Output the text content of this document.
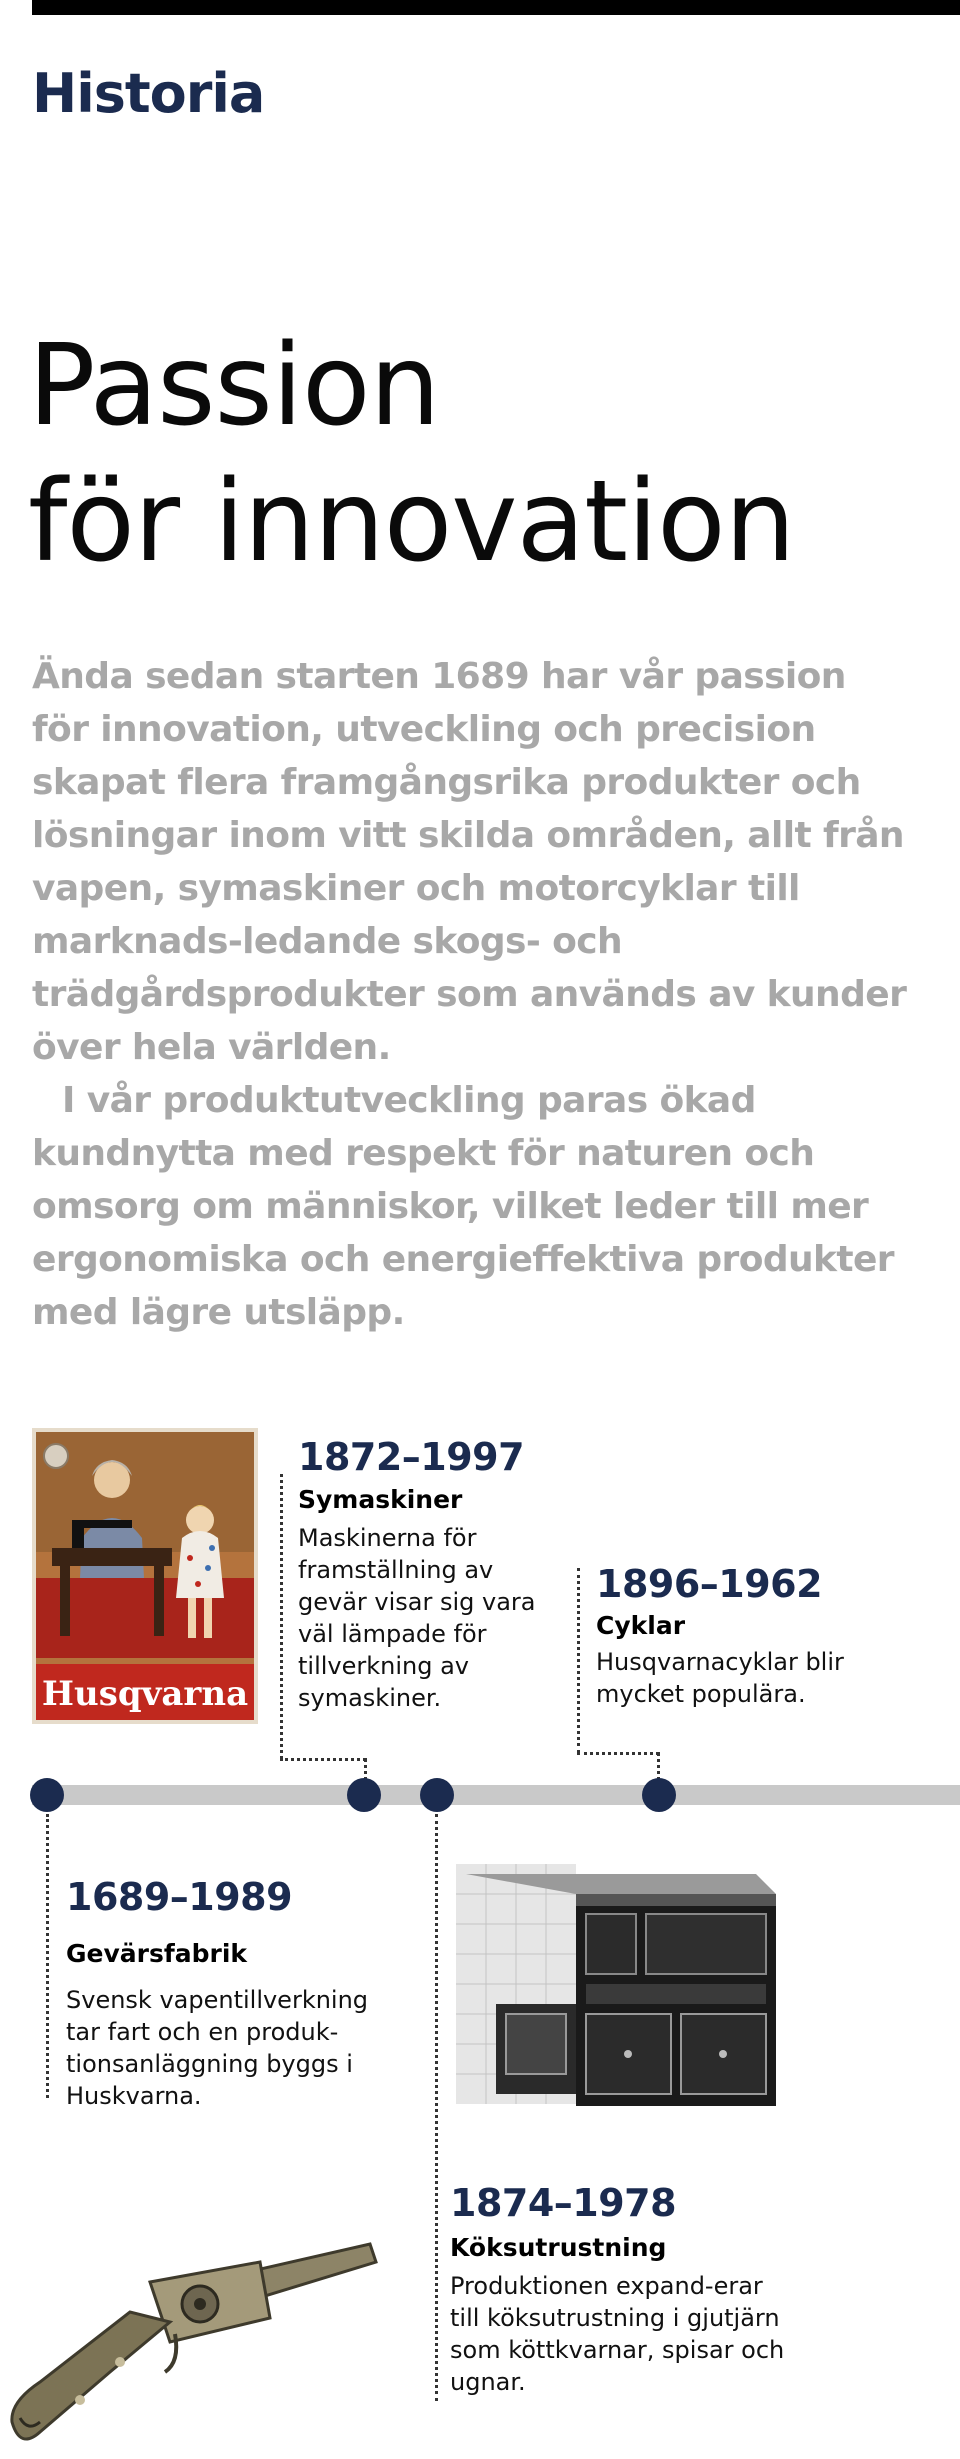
Historia
Passion
för innovation

Ända sedan starten 1689 har vår passion för innovation, utveckling och precision skapat flera framgångsrika produkter och lösningar inom vitt skilda områden, allt från vapen, symaskiner och motorcyklar till marknads-ledande skogs- och trädgårdsprodukter som används av kunder över hela världen.

I vår produktutveckling paras ökad kundnytta med respekt för naturen och omsorg om människor, vilket leder till mer ergonomiska och energieffektiva produkter med lägre utsläpp.

Husqvarna

1872–1997

Symaskiner

Maskinerna för framställning av gevär visar sig vara väl lämpade för tillverkning av symaskiner.

1896–1962

Cyklar

Husqvarnacyklar blir mycket populära.

1689–1989

Gevärsfabrik

Svensk vapentillverkning tar fart och en produk-tionsanläggning byggs i Huskvarna.

1874–1978

Köksutrustning

Produktionen expand-erar till köksutrustning i gjutjärn som köttkvarnar, spisar och ugnar.
